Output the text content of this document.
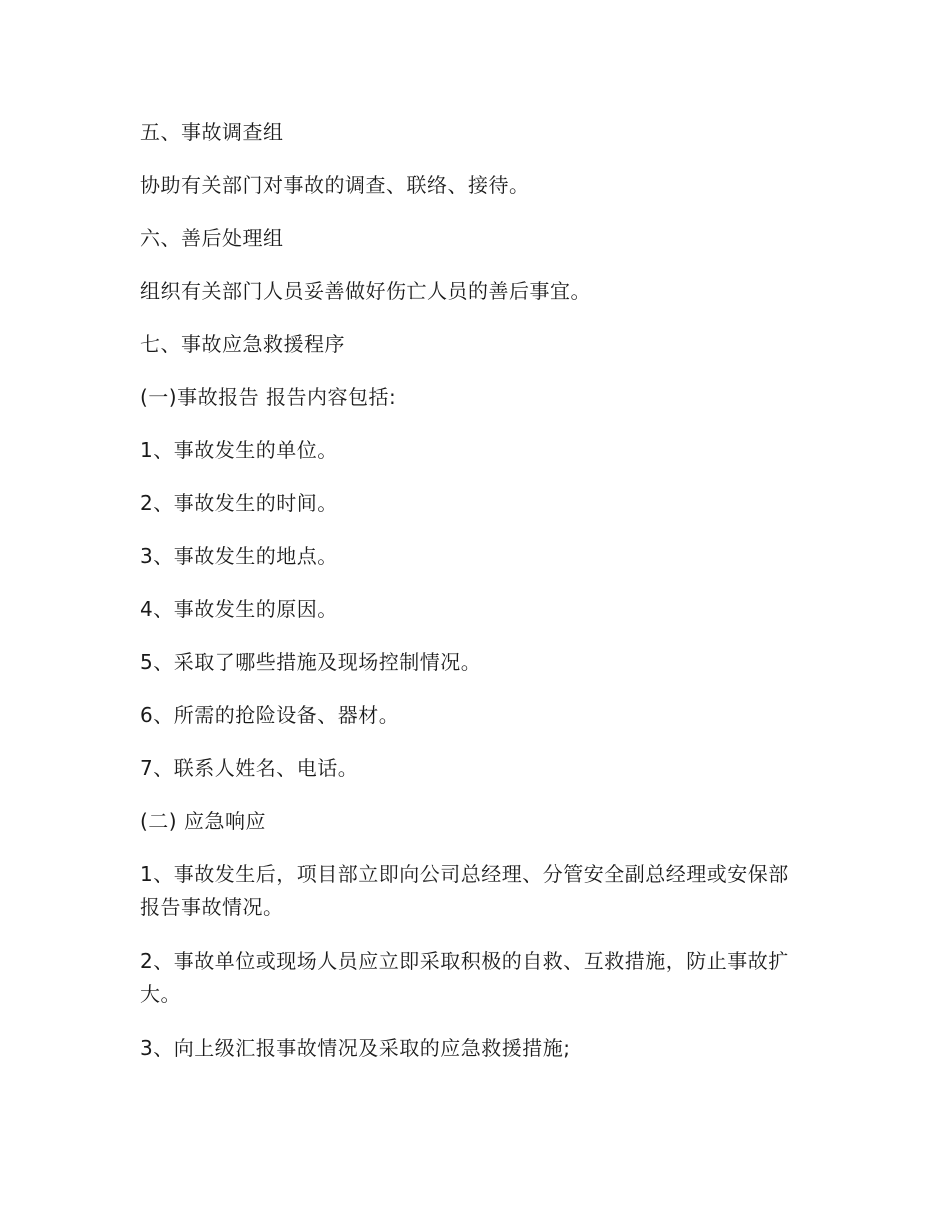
五、事故调查组

协助有关部门对事故的调查、联络、接待。

六、善后处理组

组织有关部门人员妥善做好伤亡人员的善后事宜。

七、事故应急救援程序

(一)事故报告 报告内容包括:

1、事故发生的单位。

2、事故发生的时间。

3、事故发生的地点。

4、事故发生的原因。

5、采取了哪些措施及现场控制情况。

6、所需的抢险设备、器材。

7、联系人姓名、电话。

(二) 应急响应

1、事故发生后，项目部立即向公司总经理、分管安全副总经理或安保部报告事故情况。

2、事故单位或现场人员应立即采取积极的自救、互救措施，防止事故扩大。

3、向上级汇报事故情况及采取的应急救援措施;
